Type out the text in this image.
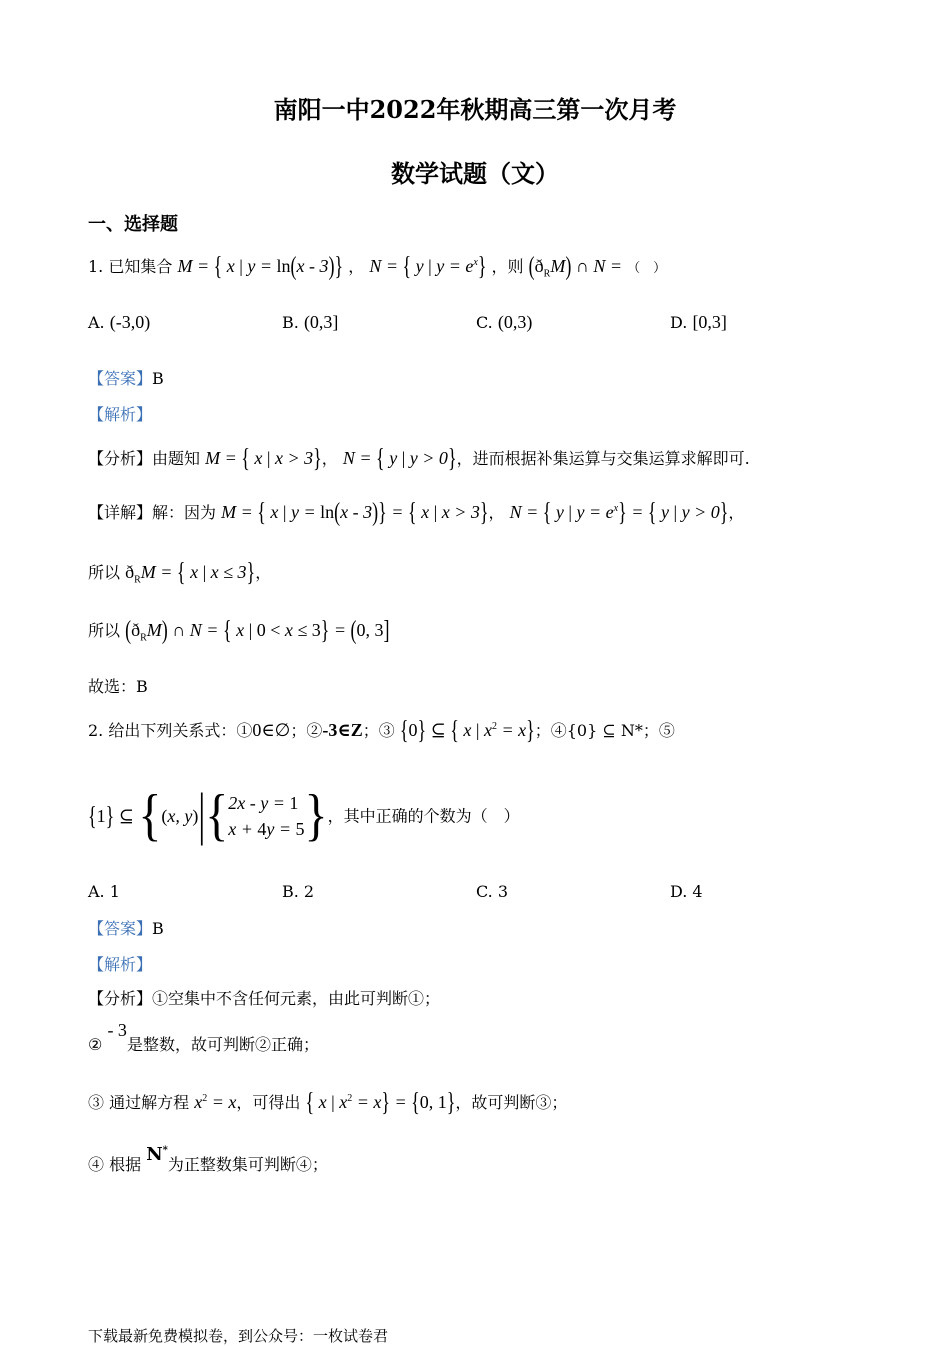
南阳一中2022年秋期高三第一次月考
数学试题（文）
一、选择题
1. 已知集合 M = { x | y = ln(x - 3)} ， N = { y | $y = e^x$} ，则 $(ð_RM)$ ∩ N = （　）
A. (-3,0)	B. (0,3]	C. (0,3)	D. [0,3]
【答案】B
【解析】
【分析】由题知 M = { x | x > 3}， N = { y | y > 0}，进而根据补集运算与交集运算求解即可.
【详解】解：因为 M = { x | y = ln(x - 3)} = { x | x > 3}， N = { y | $y = e^x$} = { y | y > 0}，
所以 $ð_RM$ = { x | x ≤ 3}，
所以 $(ð_RM)$ ∩ N = { x | 0 < x ≤ 3} = (0, 3]
故选：B
2. 给出下列关系式：①0∈∅；②-3∈Z；③ {0} ⊆ { x | $x^2 = x$}；④{0} ⊆ N*；⑤
{ 1 }
⊆
{ ( x, y ) | { 2x - y = 1
x + 4y = 5 } ，其中正确的个数为（　）
A. 1	B. 2	C. 3	D. 4
【答案】B
【解析】
【分析】①空集中不含任何元素，由此可判断①；
② - 3是整数，故可判断②正确；
③ 通过解方程 $x^2 = x$，可得出 { x | $x^2 = x\} = \{0$, 1}，故可判断③；
④ 根据 N*为正整数集可判断④；
下载最新免费模拟卷，到公众号：一枚试卷君
